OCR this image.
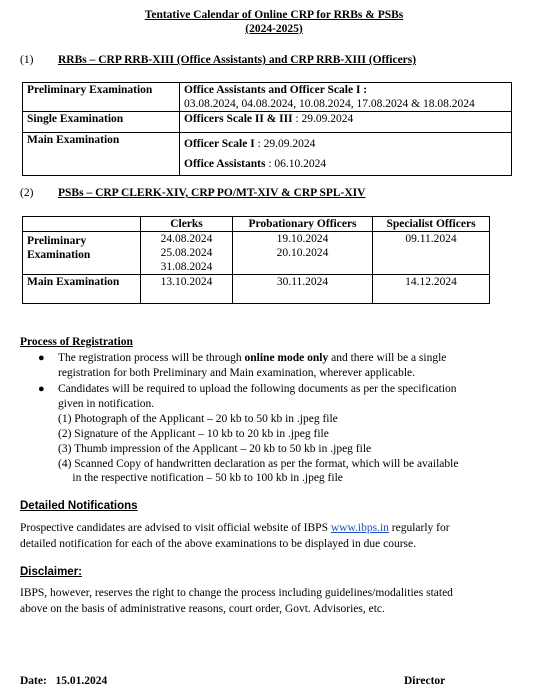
Tentative Calendar of Online CRP for RRBs & PSBs
(2024-2025)
(1) RRBs – CRP RRB-XIII (Office Assistants) and CRP RRB-XIII (Officers)
Preliminary Examination	Office Assistants and Officer Scale I :
03.08.2024, 04.08.2024, 10.08.2024, 17.08.2024 & 18.08.2024

Single Examination	Officers Scale II & III : 29.09.2024
Main Examination	Officer Scale I : 29.09.2024
Office Assistants : 06.10.2024
(2) PSBs – CRP CLERK-XIV, CRP PO/MT-XIV & CRP SPL-XIV
	Clerks	Probationary Officers	Specialist Officers
Preliminary Examination	24.08.2024
25.08.2024
31.08.2024	19.10.2024
20.10.2024	09.11.2024

Main Examination	13.10.2024	30.11.2024	14.12.2024
Process of Registration
● The registration process will be through online mode only and there will be a single
registration for both Preliminary and Main examination, wherever applicable.
● Candidates will be required to upload the following documents as per the specification
given in notification.
(1) Photograph of the Applicant – 20 kb to 50 kb in .jpeg file
(2) Signature of the Applicant – 10 kb to 20 kb in .jpeg file
(3) Thumb impression of the Applicant – 20 kb to 50 kb in .jpeg file
(4) Scanned Copy of handwritten declaration as per the format, which will be available
in the respective notification – 50 kb to 100 kb in .jpeg file
Detailed Notifications
Prospective candidates are advised to visit official website of IBPS www.ibps.in regularly for
detailed notification for each of the above examinations to be displayed in due course.
Disclaimer:
IBPS, however, reserves the right to change the process including guidelines/modalities stated
above on the basis of administrative reasons, court order, Govt. Advisories, etc.
Date: 15.01.2024	Director
